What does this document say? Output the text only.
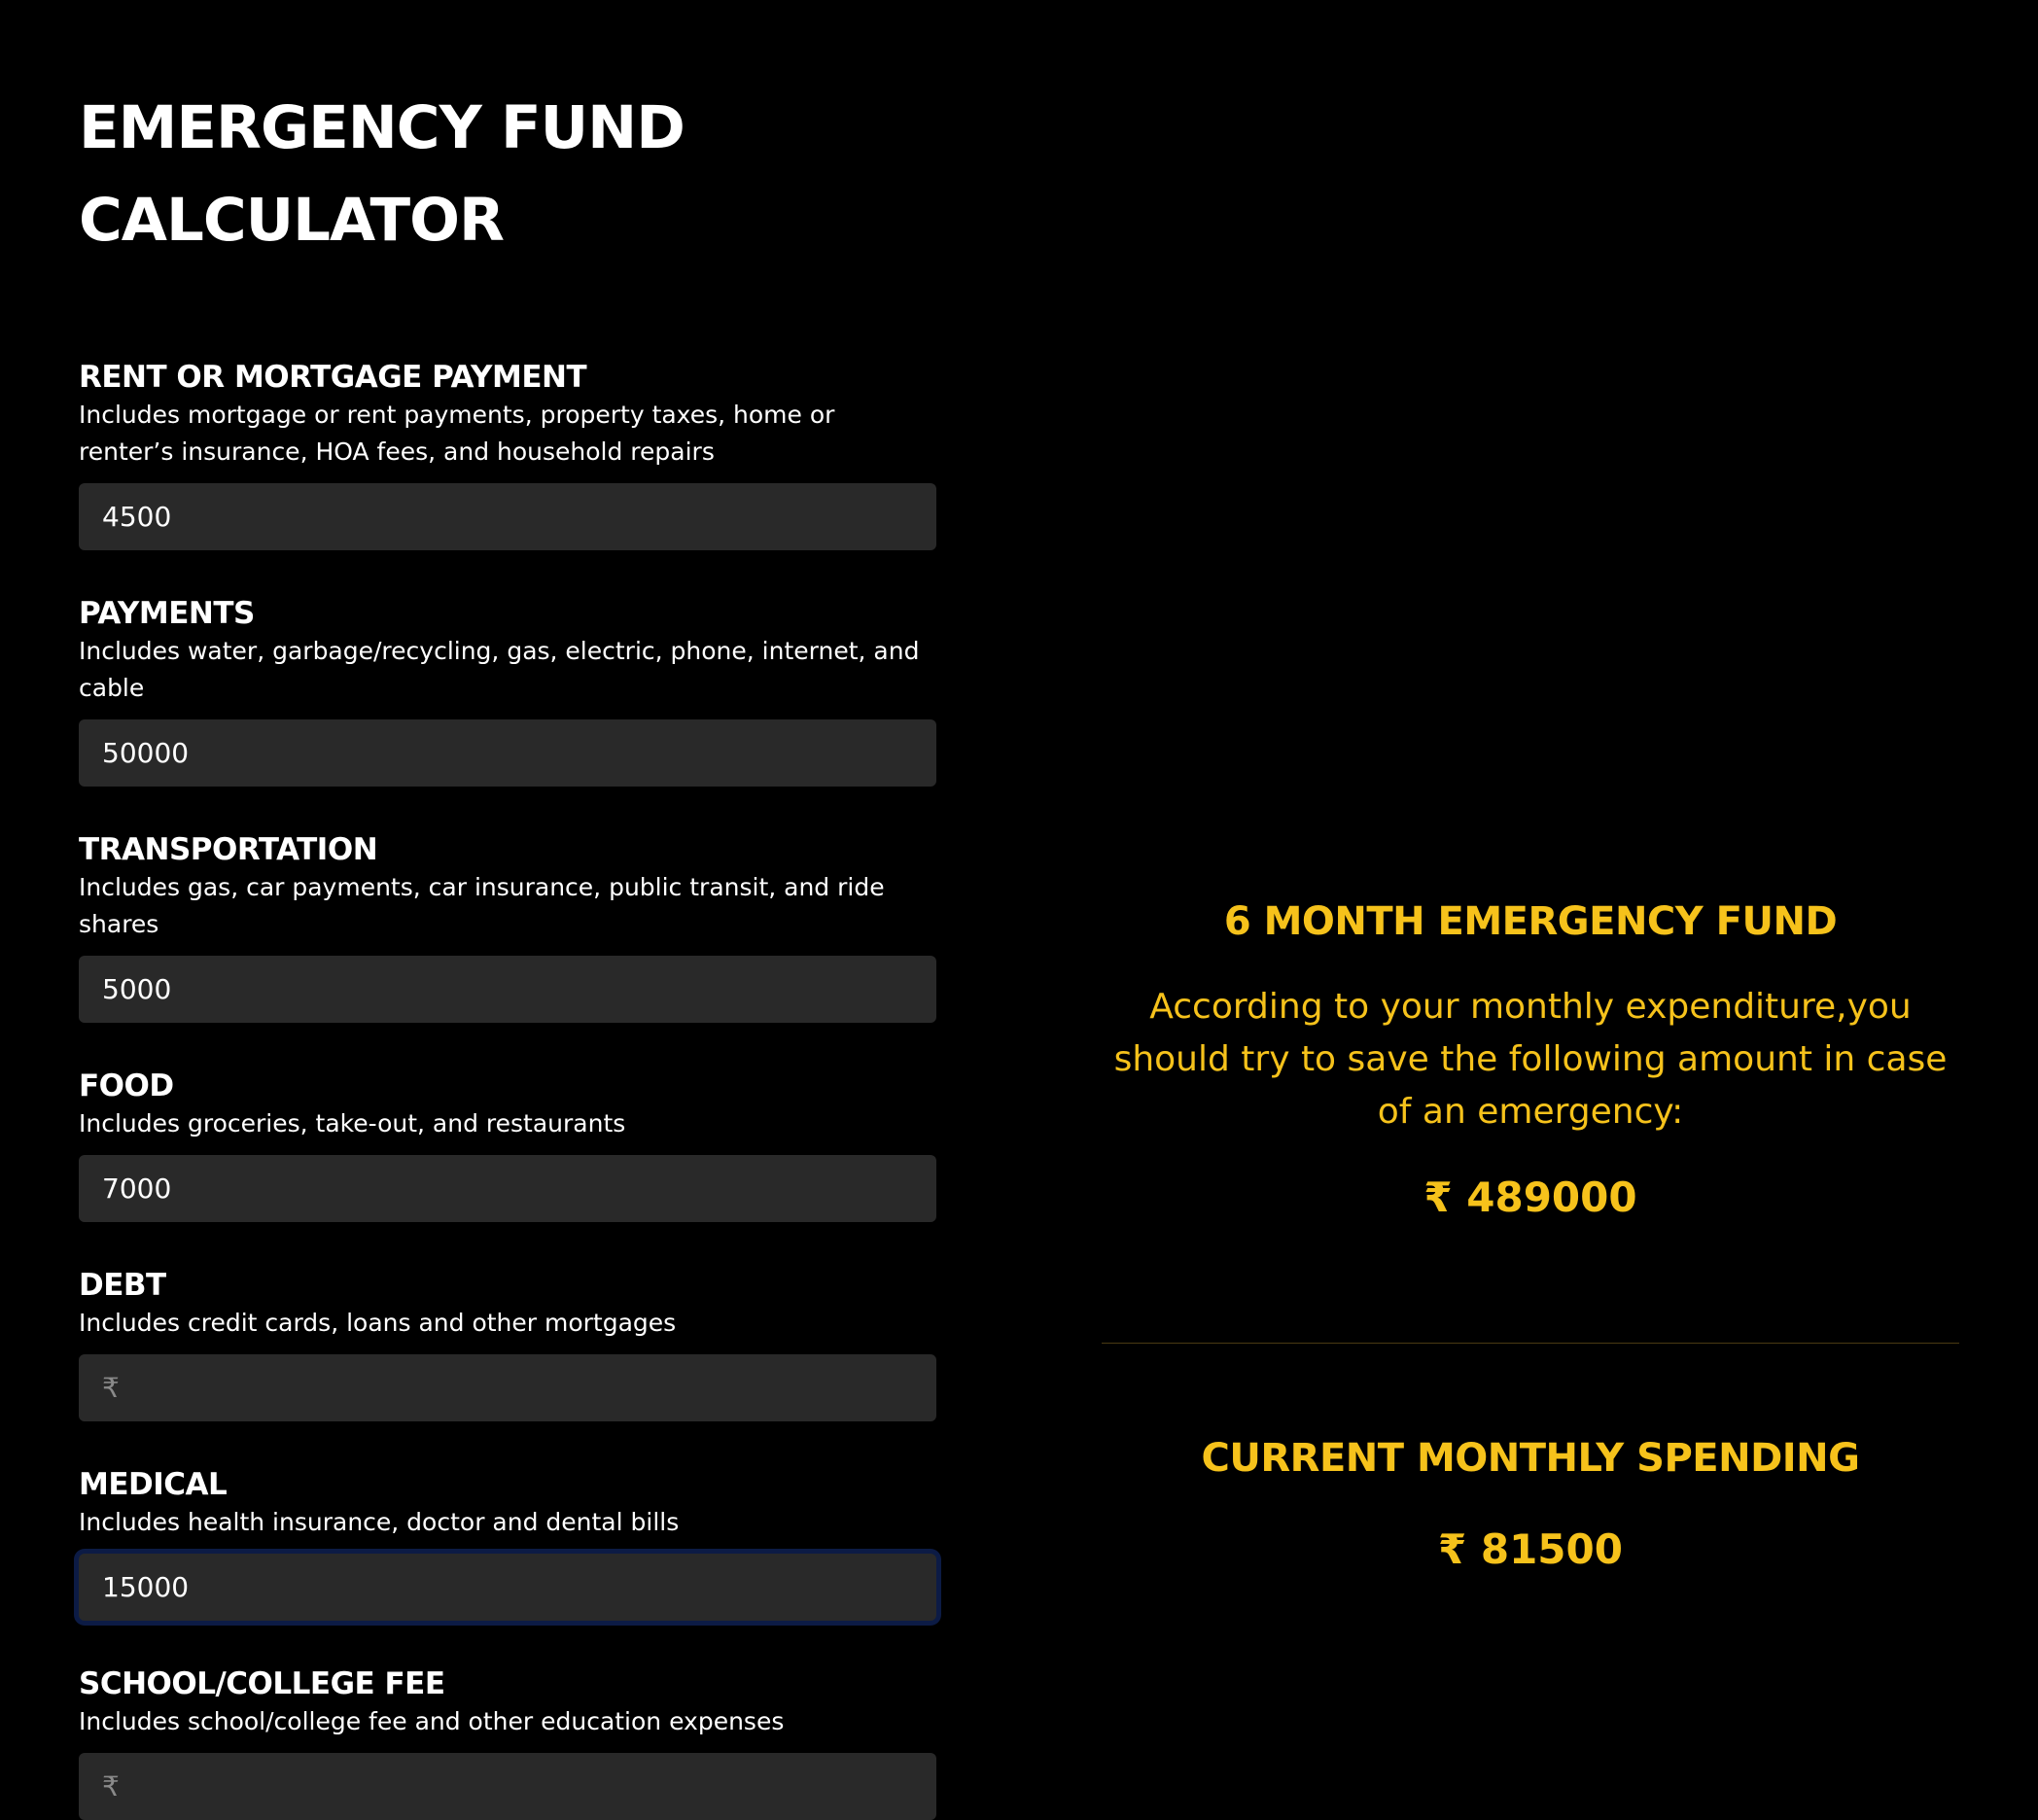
EMERGENCY FUND CALCULATOR

RENT OR MORTGAGE PAYMENT

Includes mortgage or rent payments, property taxes, home or renter’s insurance, HOA fees, and household repairs

4500

PAYMENTS

Includes water, garbage/recycling, gas, electric, phone, internet, and cable

50000

TRANSPORTATION

Includes gas, car payments, car insurance, public transit, and ride shares

5000

FOOD

Includes groceries, take-out, and restaurants

7000

DEBT

Includes credit cards, loans and other mortgages

₹

MEDICAL

Includes health insurance, doctor and dental bills

15000

SCHOOL/COLLEGE FEE

Includes school/college fee and other education expenses

₹
6 MONTH EMERGENCY FUND

According to your monthly expenditure,you should try to save the following amount in case of an emergency:

₹ 489000

CURRENT MONTHLY SPENDING

₹ 81500
